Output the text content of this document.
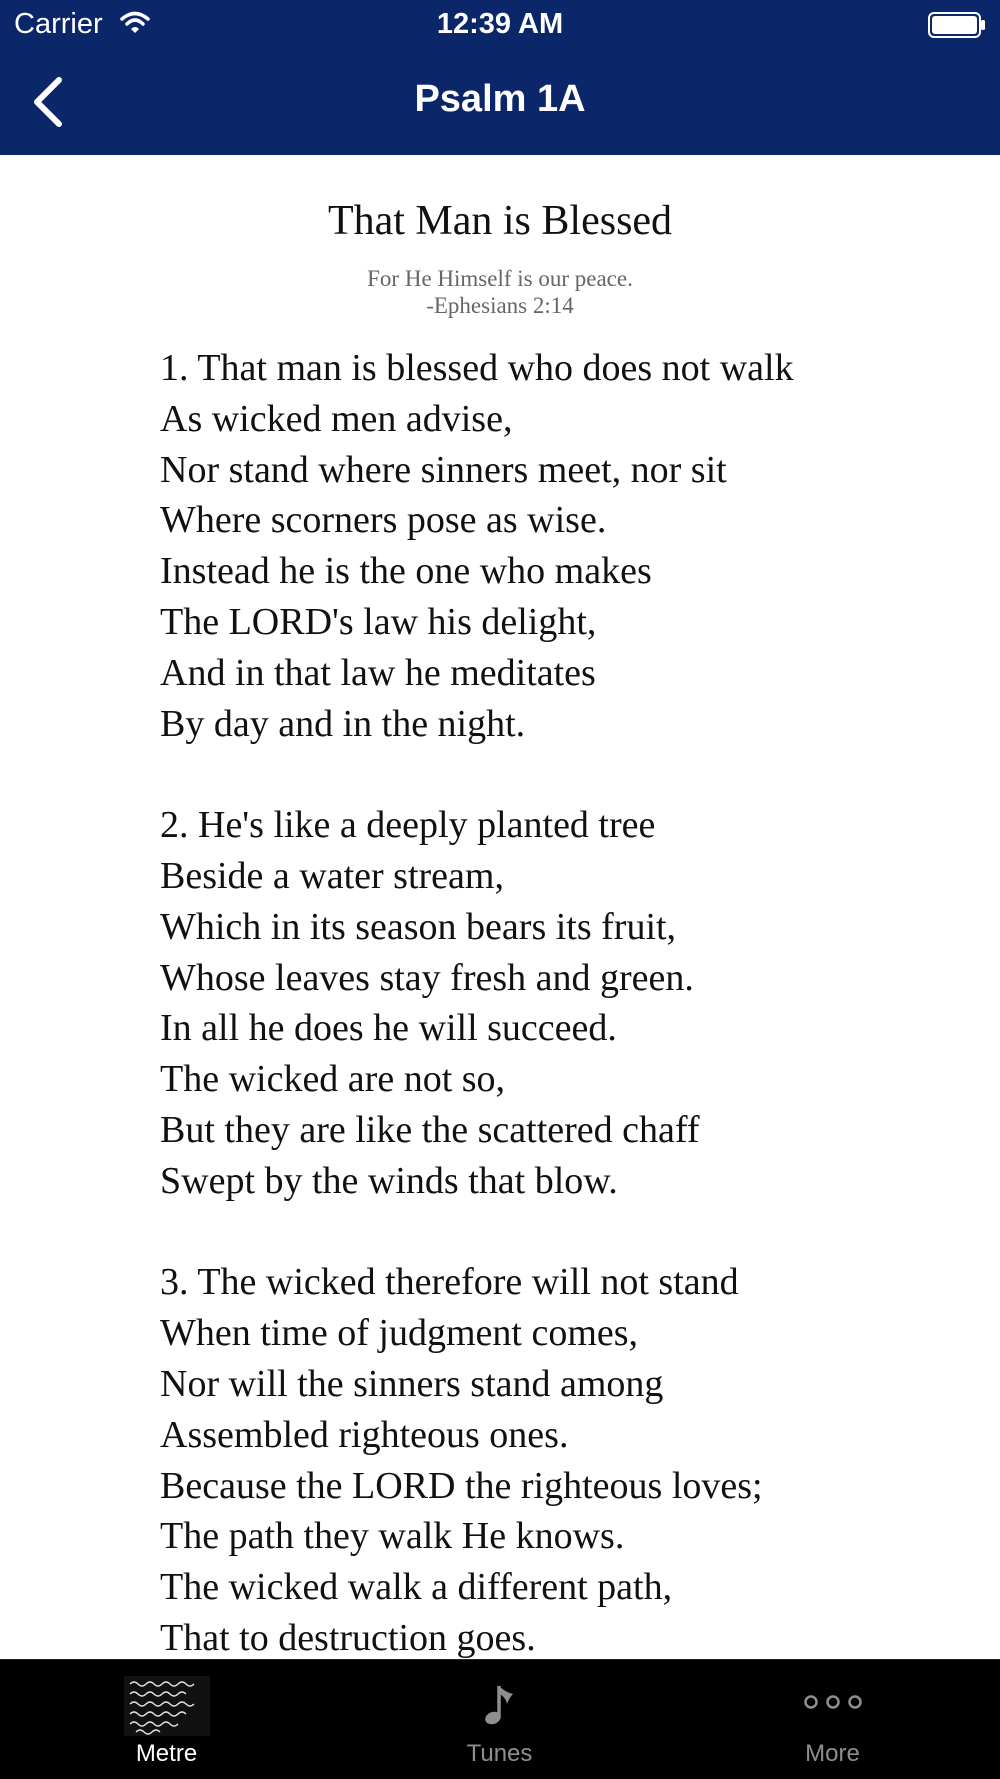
Carrier	12:39 AM
Psalm 1A
That Man is Blessed
For He Himself is our peace.
-Ephesians 2:14
1. That man is blessed who does not walk
As wicked men advise,
Nor stand where sinners meet, nor sit
Where scorners pose as wise.
Instead he is the one who makes
The LORD's law his delight,
And in that law he meditates
By day and in the night.
2. He's like a deeply planted tree
Beside a water stream,
Which in its season bears its fruit,
Whose leaves stay fresh and green.
In all he does he will succeed.
The wicked are not so,
But they are like the scattered chaff
Swept by the winds that blow.
3. The wicked therefore will not stand
When time of judgment comes,
Nor will the sinners stand among
Assembled righteous ones.
Because the LORD the righteous loves;
The path they walk He knows.
The wicked walk a different path,
That to destruction goes.
Metre	Tunes	More
